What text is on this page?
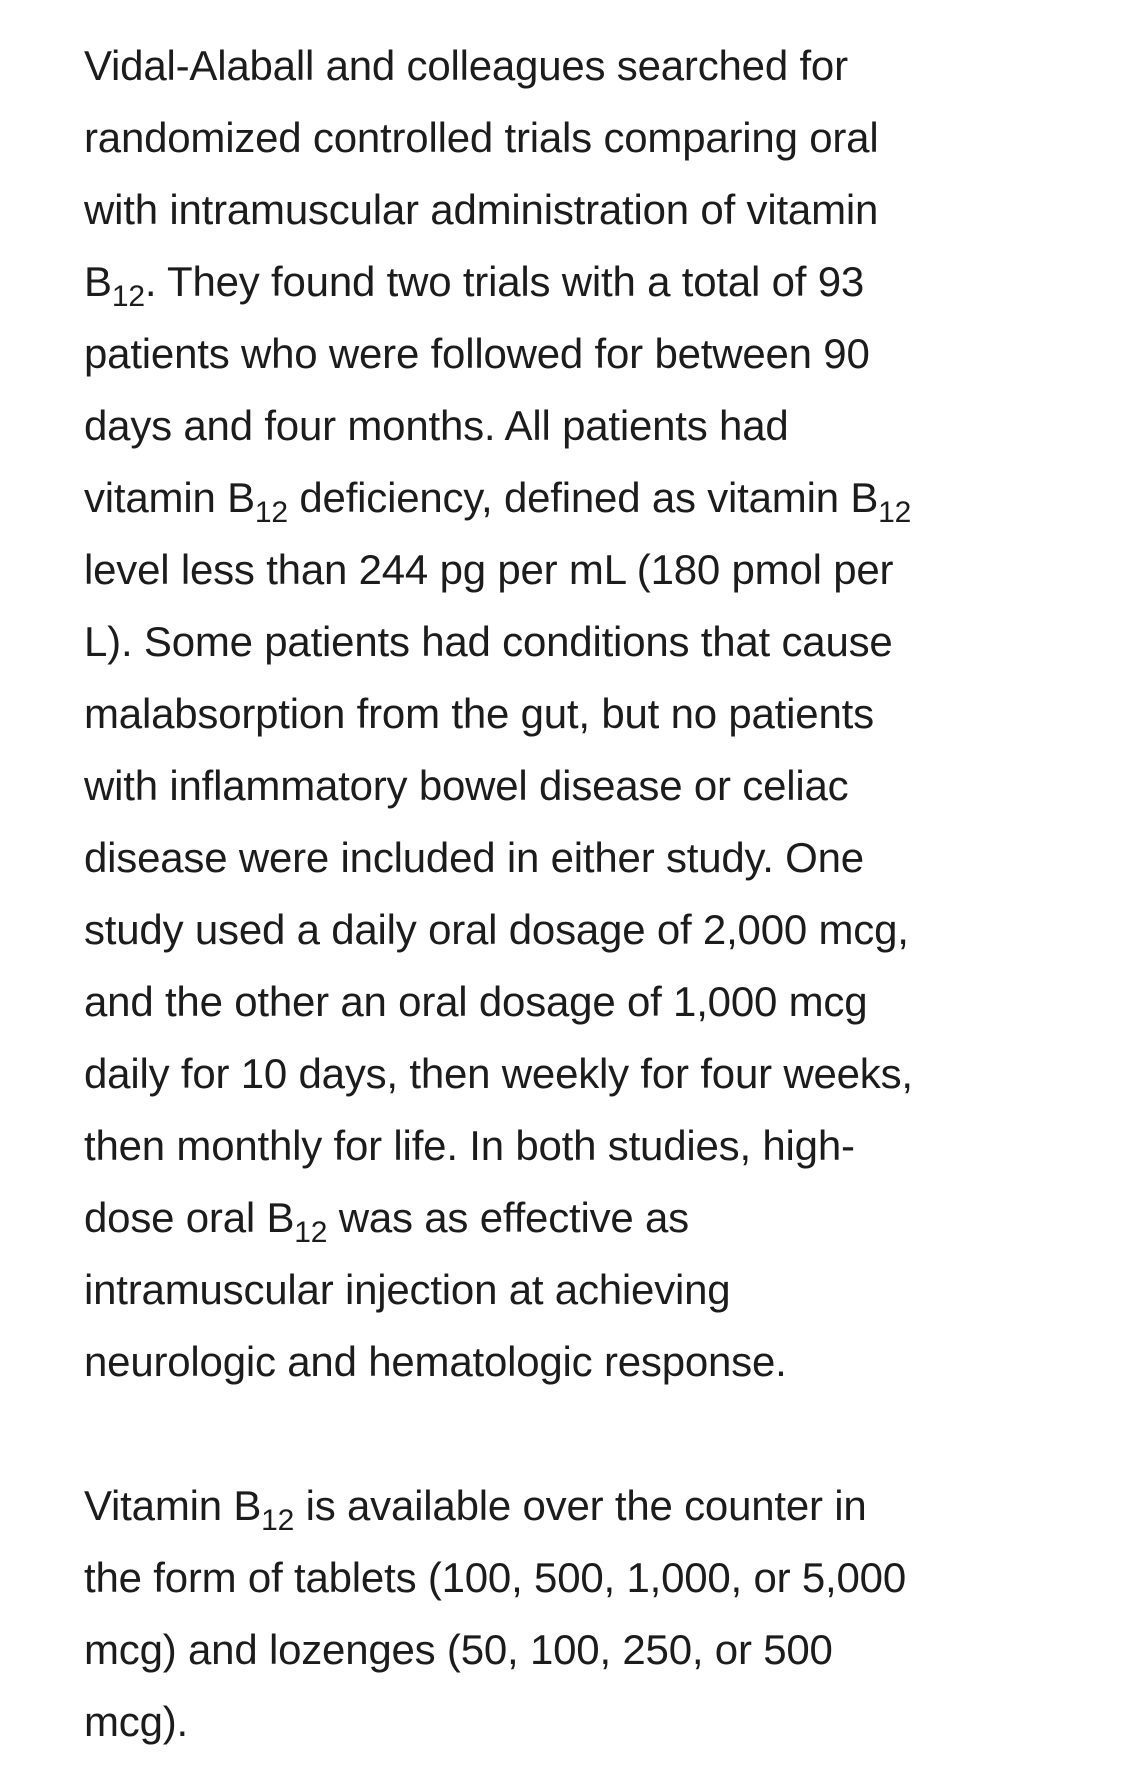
Vidal-Alaball and colleagues searched for
randomized controlled trials comparing oral
with intramuscular administration of vitamin
$B_{12}$. They found two trials with a total of 93
patients who were followed for between 90
days and four months. All patients had
vitamin $B_{12}$ deficiency, defined as vitamin $B_{12}$
level less than 244 pg per mL (180 pmol per
L). Some patients had conditions that cause
malabsorption from the gut, but no patients
with inflammatory bowel disease or celiac
disease were included in either study. One
study used a daily oral dosage of 2,000 mcg,
and the other an oral dosage of 1,000 mcg
daily for 10 days, then weekly for four weeks,
then monthly for life. In both studies, high-
dose oral $B_{12}$ was as effective as
intramuscular injection at achieving
neurologic and hematologic response.

Vitamin $B_{12}$ is available over the counter in
the form of tablets (100, 500, 1,000, or 5,000
mcg) and lozenges (50, 100, 250, or 500
mcg).
